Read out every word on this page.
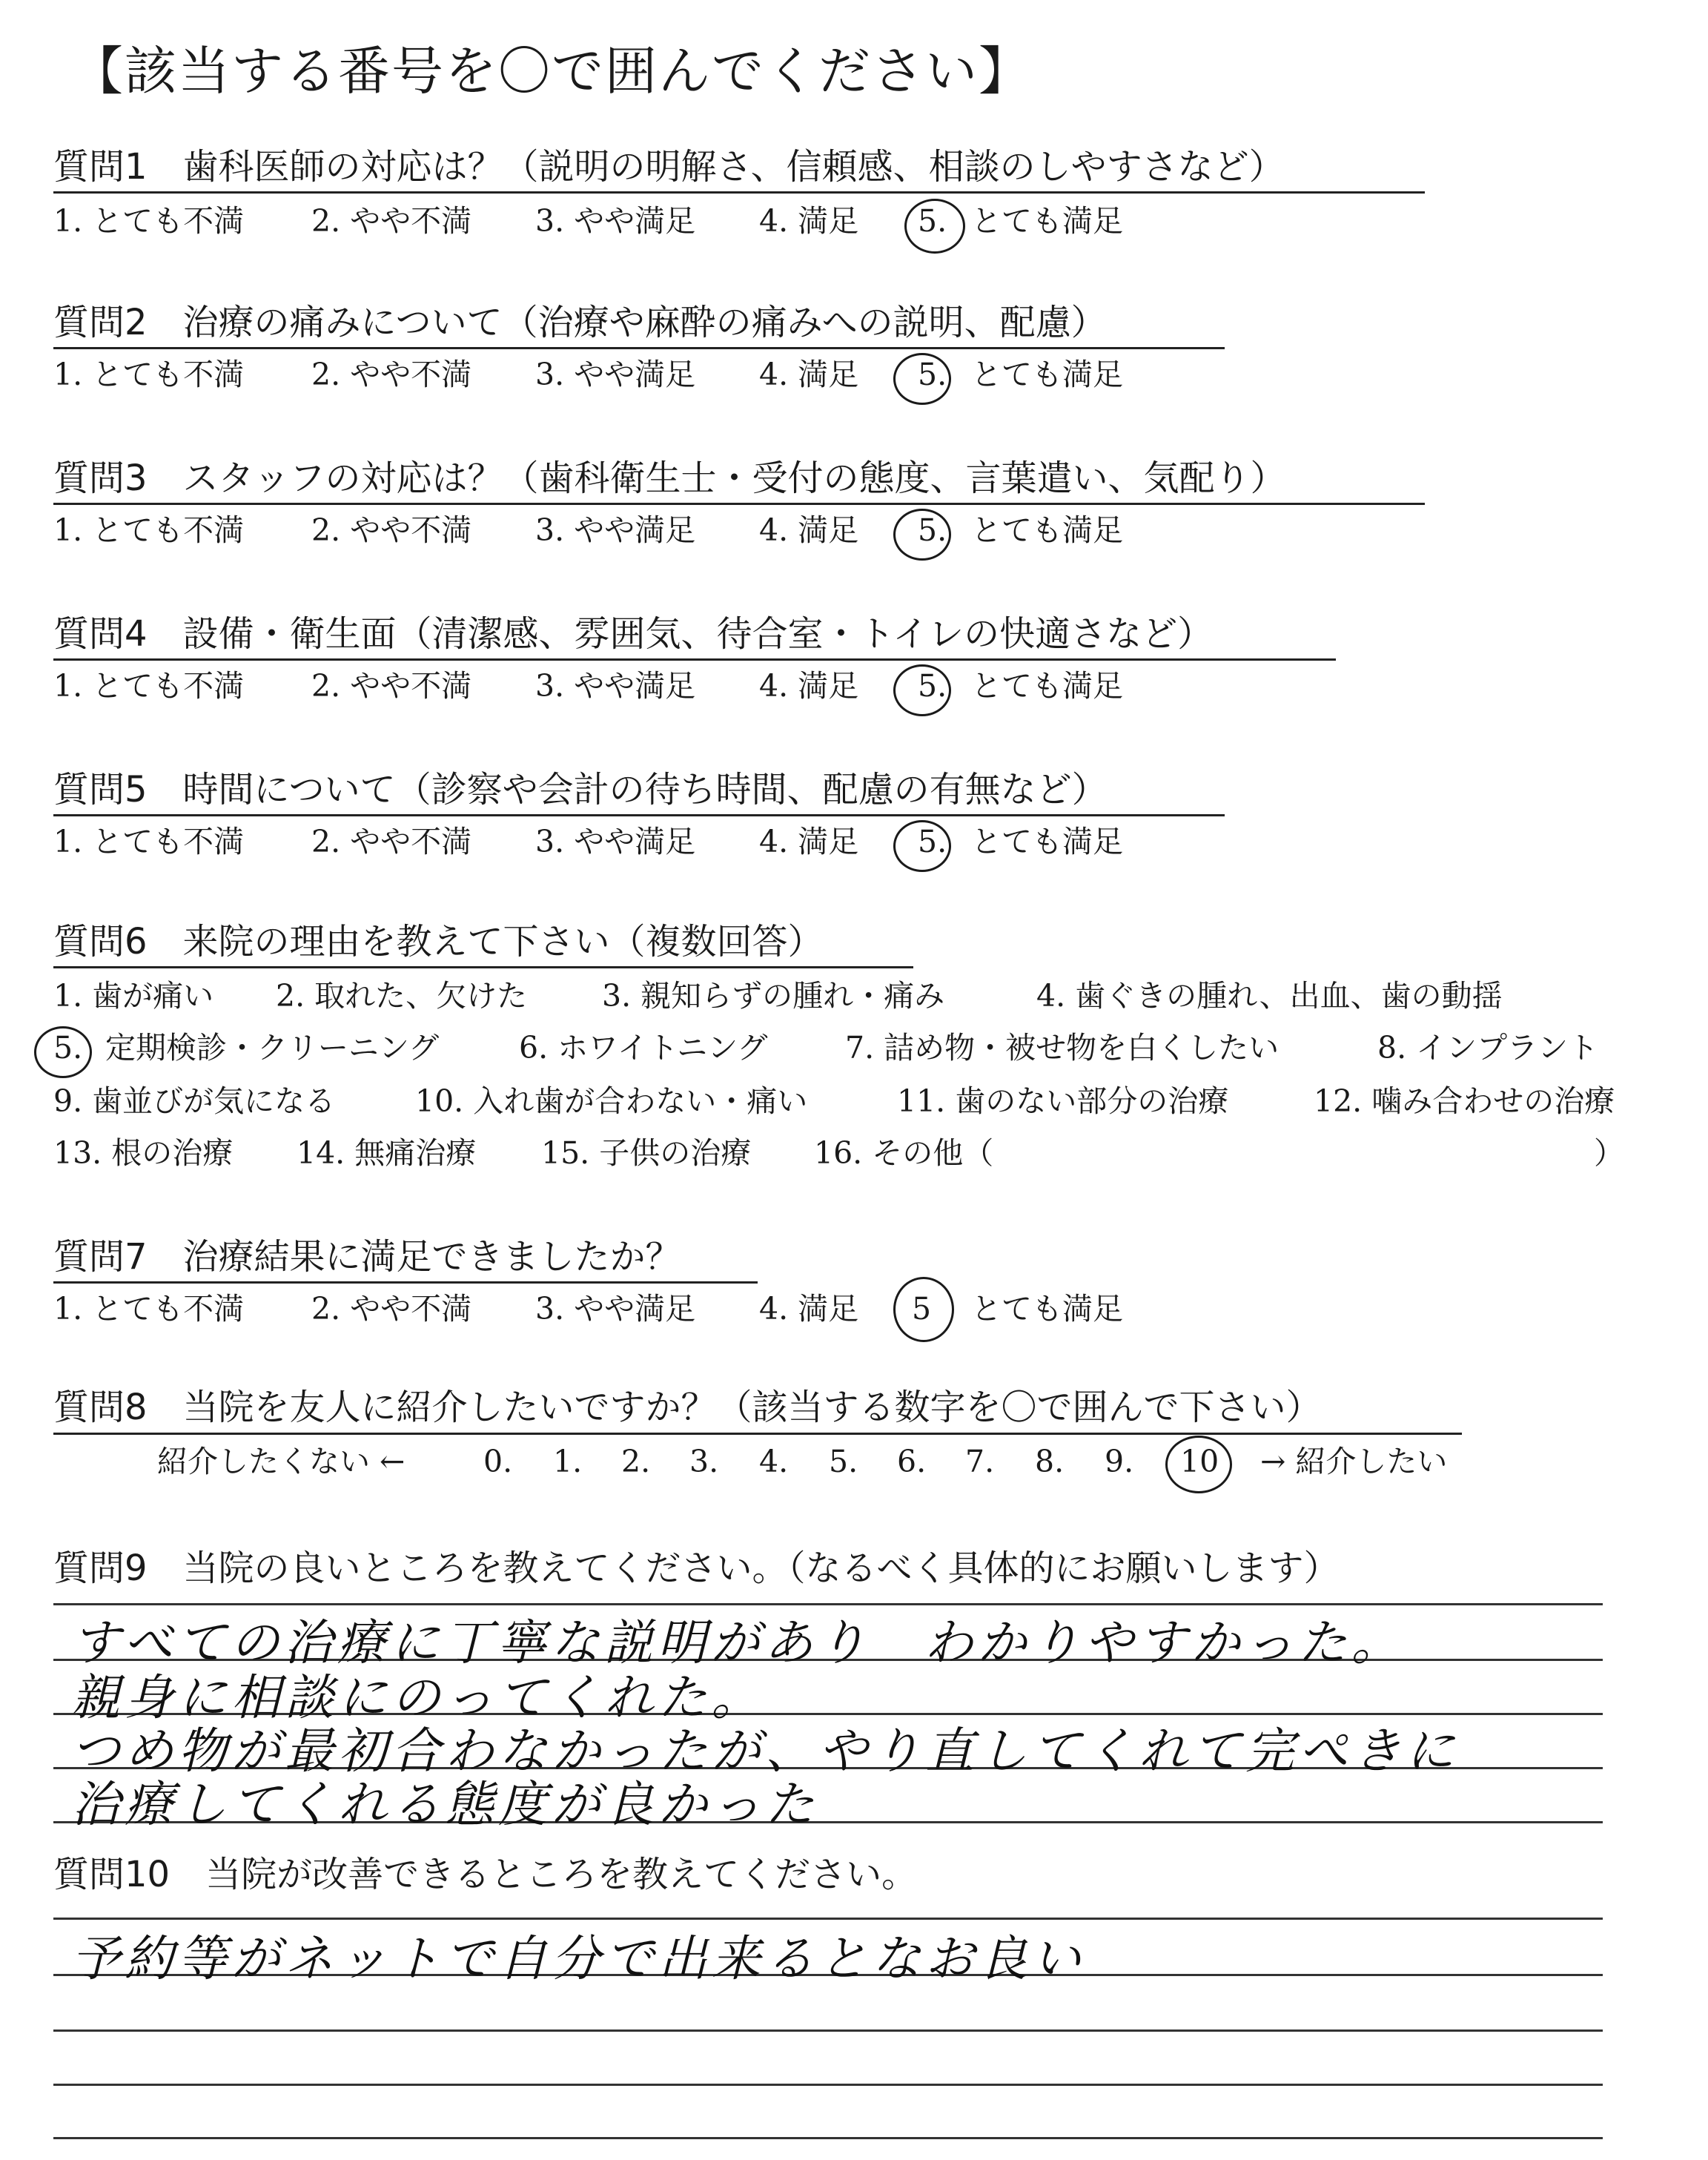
【該当する番号を〇で囲んでください】
質問1　歯科医師の対応は？（説明の明解さ、信頼感、相談のしやすさなど）
1. とても不満 2. やや不満 3. やや満足 4. 満足 5. とても満足
質問2　治療の痛みについて（治療や麻酔の痛みへの説明、配慮）
1. とても不満 2. やや不満 3. やや満足 4. 満足 5. とても満足
質問3　スタッフの対応は？（歯科衛生士・受付の態度、言葉遣い、気配り）
1. とても不満 2. やや不満 3. やや満足 4. 満足 5. とても満足
質問4　設備・衛生面（清潔感、雰囲気、待合室・トイレの快適さなど）
1. とても不満 2. やや不満 3. やや満足 4. 満足 5. とても満足
質問5　時間について（診察や会計の待ち時間、配慮の有無など）
1. とても不満 2. やや不満 3. やや満足 4. 満足 5. とても満足
質問6　来院の理由を教えて下さい（複数回答）
1. 歯が痛い 2. 取れた、欠けた 3. 親知らずの腫れ・痛み	4. 歯ぐきの腫れ、出血、歯の動揺
5. 定期検診・クリーニング	6. ホワイトニング	7. 詰め物・被せ物を白くしたい	8. インプラント
9. 歯並びが気になる	10. 入れ歯が合わない・痛い	11. 歯のない部分の治療	12. 噛み合わせの治療
13. 根の治療 14. 無痛治療 15. 子供の治療 16. その他（	）
質問7　治療結果に満足できましたか？
1. とても不満 2. やや不満 3. やや満足 4. 満足 5 とても満足
質問8　当院を友人に紹介したいですか？（該当する数字を〇で囲んで下さい）
紹介したくない ←	0. 1. 2. 3. 4. 5. 6. 7. 8. 9. 10 → 紹介したい
質問9　当院の良いところを教えてください。（なるべく具体的にお願いします）
すべての治療に丁寧な説明があり　わかりやすかった。
親身に相談にのってくれた。
つめ物が最初合わなかったが、やり直してくれて完ぺきに
治療してくれる態度が良かった
質問10　当院が改善できるところを教えてください。
予約等がネットで自分で出来るとなお良い
